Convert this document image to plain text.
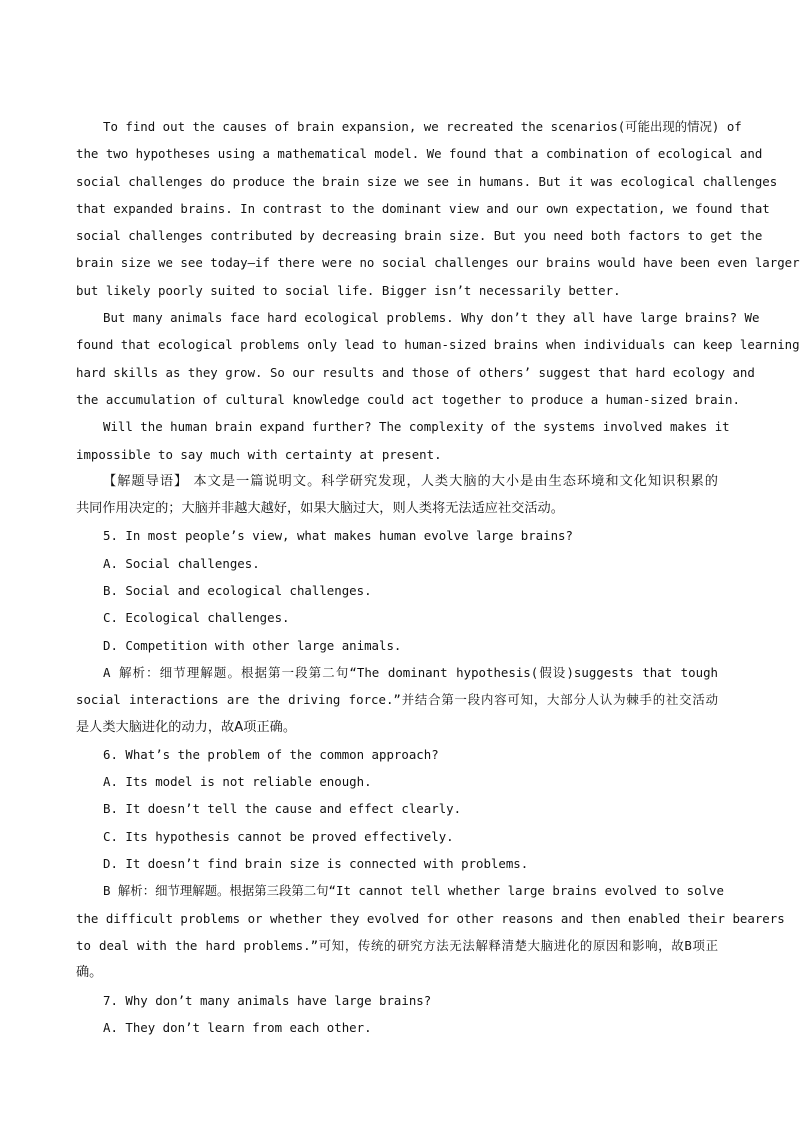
To find out the causes of brain expansion, we recreated the scenarios(可能出现的情况) of
the two hypotheses using a mathematical model. We found that a combination of ecological and
social challenges do produce the brain size we see in humans. But it was ecological challenges
that expanded brains. In contrast to the dominant view and our own expectation, we found that
social challenges contributed by decreasing brain size. But you need both factors to get the
brain size we see today—if there were no social challenges our brains would have been even larger
but likely poorly suited to social life. Bigger isn’t necessarily better.
But many animals face hard ecological problems. Why don’t they all have large brains? We
found that ecological problems only lead to human-sized brains when individuals can keep learning
hard skills as they grow. So our results and those of others’ suggest that hard ecology and
the accumulation of cultural knowledge could act together to produce a human-sized brain.
Will the human brain expand further? The complexity of the systems involved makes it
impossible to say much with certainty at present.
【解题导语】 本文是一篇说明文。科学研究发现，人类大脑的大小是由生态环境和文化知识积累的
共同作用决定的；大脑并非越大越好，如果大脑过大，则人类将无法适应社交活动。
5. In most people’s view, what makes human evolve large brains?
A. Social challenges.
B. Social and ecological challenges.
C. Ecological challenges.
D. Competition with other large animals.
A 解析：细节理解题。根据第一段第二句“The dominant hypothesis(假设)suggests that tough
social interactions are the driving force.”并结合第一段内容可知，大部分人认为棘手的社交活动
是人类大脑进化的动力，故A项正确。
6. What’s the problem of the common approach?
A. Its model is not reliable enough.
B. It doesn’t tell the cause and effect clearly.
C. Its hypothesis cannot be proved effectively.
D. It doesn’t find brain size is connected with problems.
B 解析：细节理解题。根据第三段第二句“It cannot tell whether large brains evolved to solve
the difficult problems or whether they evolved for other reasons and then enabled their bearers
to deal with the hard problems.”可知，传统的研究方法无法解释清楚大脑进化的原因和影响，故B项正
确。
7. Why don’t many animals have large brains?
A. They don’t learn from each other.
